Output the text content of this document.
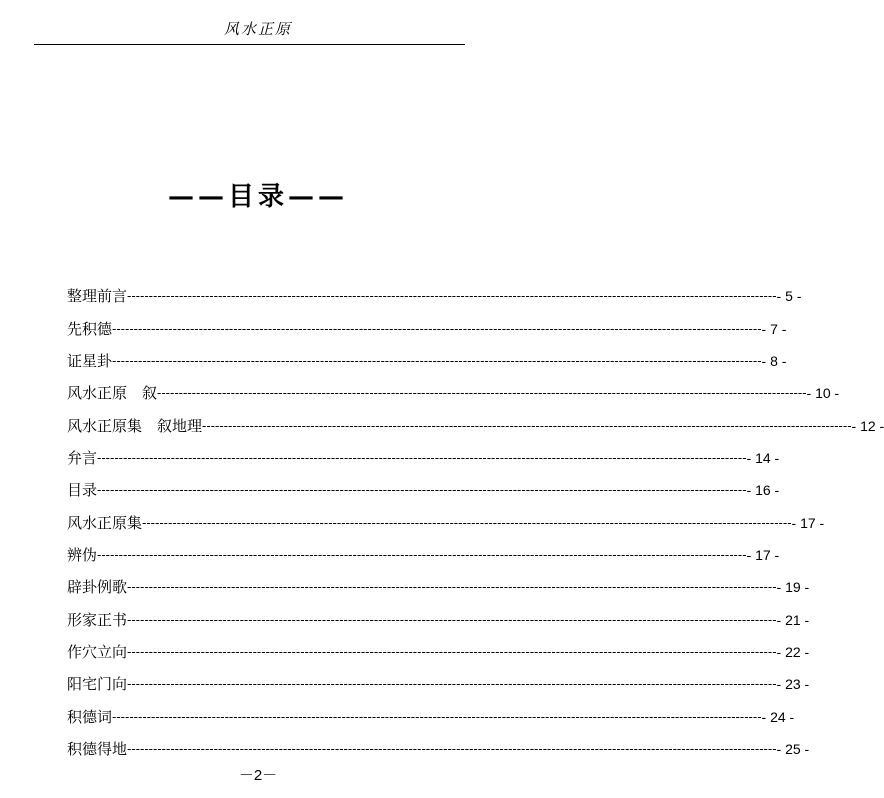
风水正原
——目录——
整理前言 ------------------------------------------------------------------------------------------------------------------------------------------------------ - 5 -
先积德 ------------------------------------------------------------------------------------------------------------------------------------------------------ - 7 -
证星卦 ------------------------------------------------------------------------------------------------------------------------------------------------------ - 8 -
风水正原　叙 ------------------------------------------------------------------------------------------------------------------------------------------------------ - 10 -
风水正原集　叙地理 ------------------------------------------------------------------------------------------------------------------------------------------------------ - 12 -
弁言 ------------------------------------------------------------------------------------------------------------------------------------------------------ - 14 -
目录 ------------------------------------------------------------------------------------------------------------------------------------------------------ - 16 -
风水正原集 ------------------------------------------------------------------------------------------------------------------------------------------------------ - 17 -
辨伪 ------------------------------------------------------------------------------------------------------------------------------------------------------ - 17 -
辟卦例歌 ------------------------------------------------------------------------------------------------------------------------------------------------------ - 19 -
形家正书 ------------------------------------------------------------------------------------------------------------------------------------------------------ - 21 -
作穴立向 ------------------------------------------------------------------------------------------------------------------------------------------------------ - 22 -
阳宅门向 ------------------------------------------------------------------------------------------------------------------------------------------------------ - 23 -
积德词 ------------------------------------------------------------------------------------------------------------------------------------------------------ - 24 -
积德得地 ------------------------------------------------------------------------------------------------------------------------------------------------------ - 25 -
－2－
